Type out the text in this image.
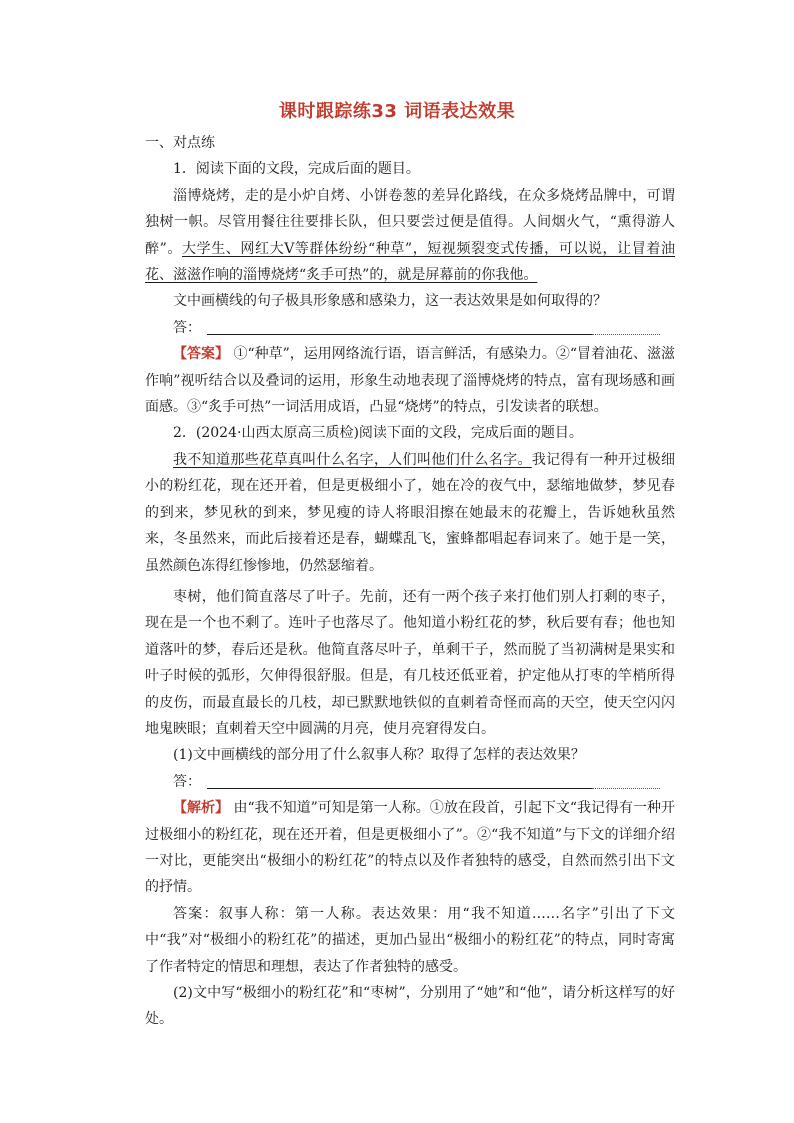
课时跟踪练33 词语表达效果

一、对点练

1．阅读下面的文段，完成后面的题目。

淄博烧烤，走的是小炉自烤、小饼卷葱的差异化路线，在众多烧烤品牌中，可谓独树一帜。尽管用餐往往要排长队，但只要尝过便是值得。人间烟火气，“熏得游人醉”。大学生、网红大V等群体纷纷“种草”，短视频裂变式传播，可以说，让冒着油花、滋滋作响的淄博烧烤“炙手可热”的，就是屏幕前的你我他。

文中画横线的句子极具形象感和感染力，这一表达效果是如何取得的？

答：

【答案】 ①“种草”，运用网络流行语，语言鲜活，有感染力。②“冒着油花、滋滋作响”视听结合以及叠词的运用，形象生动地表现了淄博烧烤的特点，富有现场感和画面感。③“炙手可热”一词活用成语，凸显“烧烤”的特点，引发读者的联想。

2．(2024·山西太原高三质检)阅读下面的文段，完成后面的题目。

我不知道那些花草真叫什么名字，人们叫他们什么名字。我记得有一种开过极细小的粉红花，现在还开着，但是更极细小了，她在冷的夜气中，瑟缩地做梦，梦见春的到来，梦见秋的到来，梦见瘦的诗人将眼泪擦在她最末的花瓣上，告诉她秋虽然来，冬虽然来，而此后接着还是春，蝴蝶乱飞，蜜蜂都唱起春词来了。她于是一笑，虽然颜色冻得红惨惨地，仍然瑟缩着。

枣树，他们简直落尽了叶子。先前，还有一两个孩子来打他们别人打剩的枣子，现在是一个也不剩了。连叶子也落尽了。他知道小粉红花的梦，秋后要有春；他也知道落叶的梦，春后还是秋。他简直落尽叶子，单剩干子，然而脱了当初满树是果实和叶子时候的弧形，欠伸得很舒服。但是，有几枝还低亚着，护定他从打枣的竿梢所得的皮伤，而最直最长的几枝，却已默默地铁似的直刺着奇怪而高的天空，使天空闪闪地鬼䀹眼；直刺着天空中圆满的月亮，使月亮窘得发白。

(1)文中画横线的部分用了什么叙事人称？取得了怎样的表达效果？

答：

【解析】 由“我不知道”可知是第一人称。①放在段首，引起下文“我记得有一种开过极细小的粉红花，现在还开着，但是更极细小了”。②“我不知道”与下文的详细介绍一对比，更能突出“极细小的粉红花”的特点以及作者独特的感受，自然而然引出下文的抒情。

答案：叙事人称：第一人称。表达效果：用“我不知道……名字”引出了下文中“我”对“极细小的粉红花”的描述，更加凸显出“极细小的粉红花”的特点，同时寄寓了作者特定的情思和理想，表达了作者独特的感受。

(2)文中写“极细小的粉红花”和“枣树”，分别用了“她”和“他”，请分析这样写的好处。
